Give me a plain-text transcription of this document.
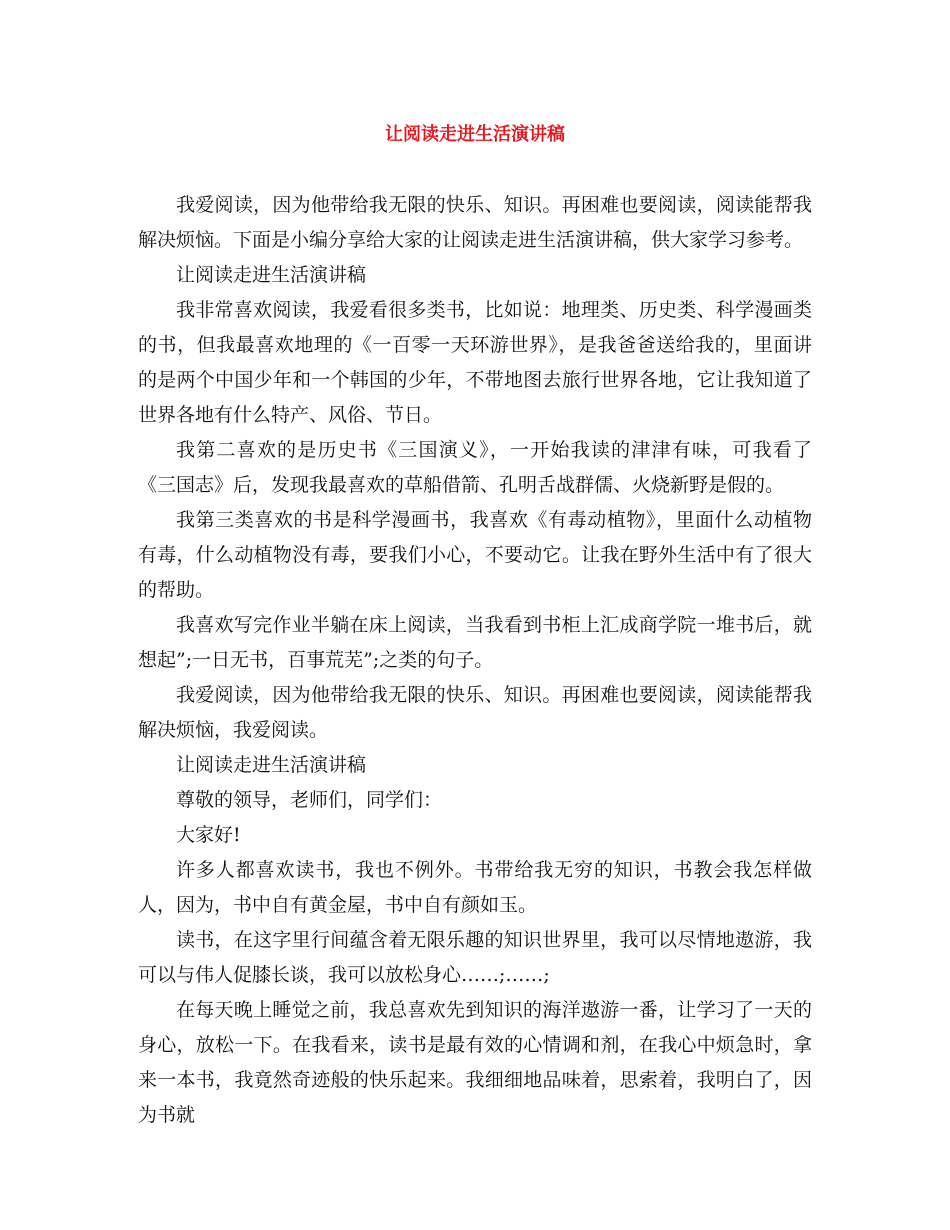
让阅读走进生活演讲稿

我爱阅读，因为他带给我无限的快乐、知识。再困难也要阅读，阅读能帮我解决烦恼。下面是小编分享给大家的让阅读走进生活演讲稿，供大家学习参考。

让阅读走进生活演讲稿

我非常喜欢阅读，我爱看很多类书，比如说：地理类、历史类、科学漫画类的书，但我最喜欢地理的《一百零一天环游世界》，是我爸爸送给我的，里面讲的是两个中国少年和一个韩国的少年，不带地图去旅行世界各地，它让我知道了世界各地有什么特产、风俗、节日。

我第二喜欢的是历史书《三国演义》，一开始我读的津津有味，可我看了《三国志》后，发现我最喜欢的草船借箭、孔明舌战群儒、火烧新野是假的。

我第三类喜欢的书是科学漫画书，我喜欢《有毒动植物》，里面什么动植物有毒，什么动植物没有毒，要我们小心，不要动它。让我在野外生活中有了很大的帮助。

我喜欢写完作业半躺在床上阅读，当我看到书柜上汇成商学院一堆书后，就想起”;一日无书，百事荒芜”;之类的句子。

我爱阅读，因为他带给我无限的快乐、知识。再困难也要阅读，阅读能帮我解决烦恼，我爱阅读。

让阅读走进生活演讲稿

尊敬的领导，老师们，同学们：

大家好!

许多人都喜欢读书，我也不例外。书带给我无穷的知识，书教会我怎样做人，因为，书中自有黄金屋，书中自有颜如玉。

读书，在这字里行间蕴含着无限乐趣的知识世界里，我可以尽情地遨游，我可以与伟人促膝长谈，我可以放松身心……;……;

在每天晚上睡觉之前，我总喜欢先到知识的海洋遨游一番，让学习了一天的身心，放松一下。在我看来，读书是最有效的心情调和剂，在我心中烦急时，拿来一本书，我竟然奇迹般的快乐起来。我细细地品味着，思索着，我明白了，因为书就
